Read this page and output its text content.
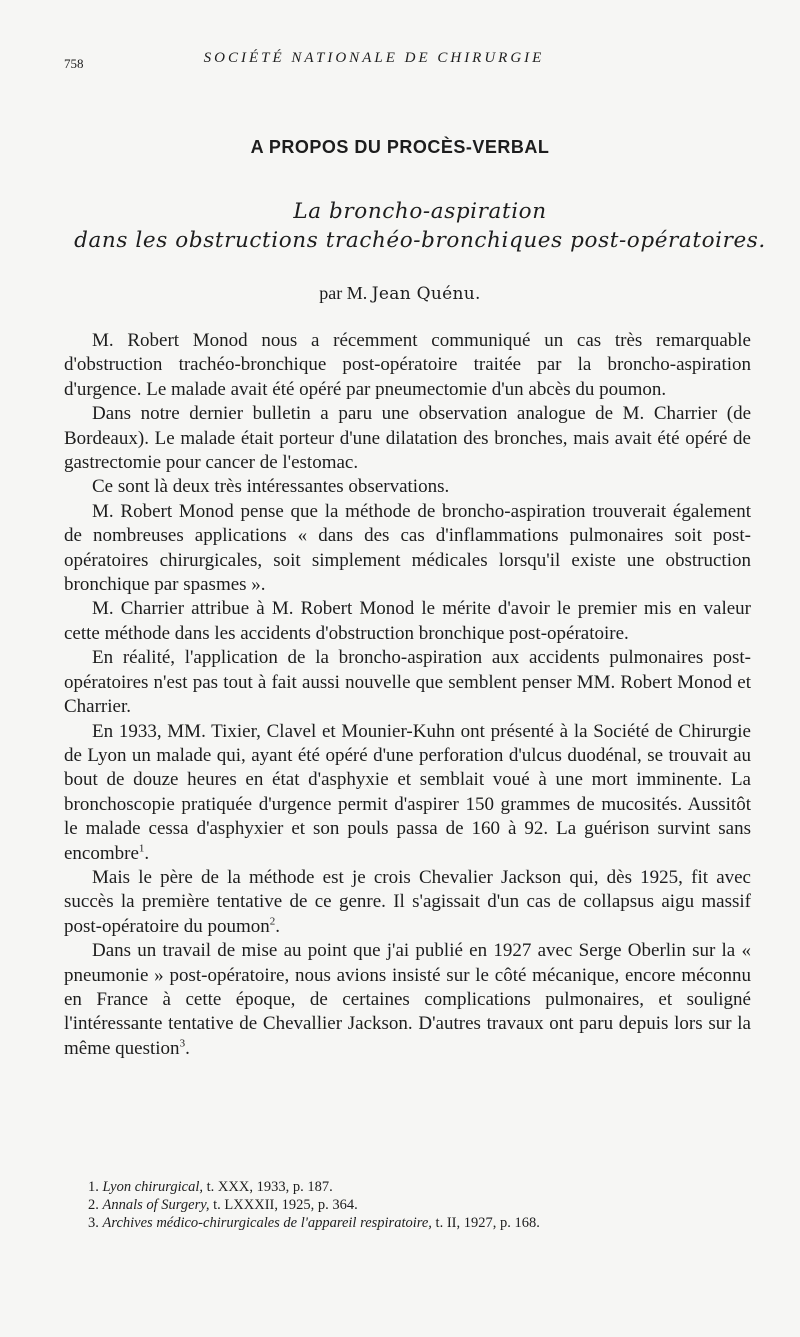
758	SOCIÉTÉ NATIONALE DE CHIRURGIE
A PROPOS DU PROCÈS-VERBAL
La broncho-aspiration
dans les obstructions trachéo-bronchiques post-opératoires.
par M. Jean Quénu.

M. Robert Monod nous a récemment communiqué un cas très remarquable d'obstruction trachéo-bronchique post-opératoire traitée par la broncho-aspiration d'urgence. Le malade avait été opéré par pneumectomie d'un abcès du poumon.

Dans notre dernier bulletin a paru une observation analogue de M. Charrier (de Bordeaux). Le malade était porteur d'une dilatation des bronches, mais avait été opéré de gastrectomie pour cancer de l'estomac.

Ce sont là deux très intéressantes observations.

M. Robert Monod pense que la méthode de broncho-aspiration trouverait également de nombreuses applications « dans des cas d'inflammations pulmonaires soit post-opératoires chirurgicales, soit simplement médicales lorsqu'il existe une obstruction bronchique par spasmes ».

M. Charrier attribue à M. Robert Monod le mérite d'avoir le premier mis en valeur cette méthode dans les accidents d'obstruction bronchique post-opératoire.

En réalité, l'application de la broncho-aspiration aux accidents pulmonaires post-opératoires n'est pas tout à fait aussi nouvelle que semblent penser MM. Robert Monod et Charrier.

En 1933, MM. Tixier, Clavel et Mounier-Kuhn ont présenté à la Société de Chirurgie de Lyon un malade qui, ayant été opéré d'une perforation d'ulcus duodénal, se trouvait au bout de douze heures en état d'asphyxie et semblait voué à une mort imminente. La bronchoscopie pratiquée d'urgence permit d'aspirer 150 grammes de mucosités. Aussitôt le malade cessa d'asphyxier et son pouls passa de 160 à 92. La guérison survint sans encombre$^1$.

Mais le père de la méthode est je crois Chevalier Jackson qui, dès 1925, fit avec succès la première tentative de ce genre. Il s'agissait d'un cas de collapsus aigu massif post-opératoire du poumon$^2$.

Dans un travail de mise au point que j'ai publié en 1927 avec Serge Oberlin sur la « pneumonie » post-opératoire, nous avions insisté sur le côté mécanique, encore méconnu en France à cette époque, de certaines complications pulmonaires, et souligné l'intéressante tentative de Chevallier Jackson. D'autres travaux ont paru depuis lors sur la même question$^3$.

1. Lyon chirurgical, t. XXX, 1933, p. 187.
2. Annals of Surgery, t. LXXXII, 1925, p. 364.
3. Archives médico-chirurgicales de l'appareil respiratoire, t. II, 1927, p. 168.
